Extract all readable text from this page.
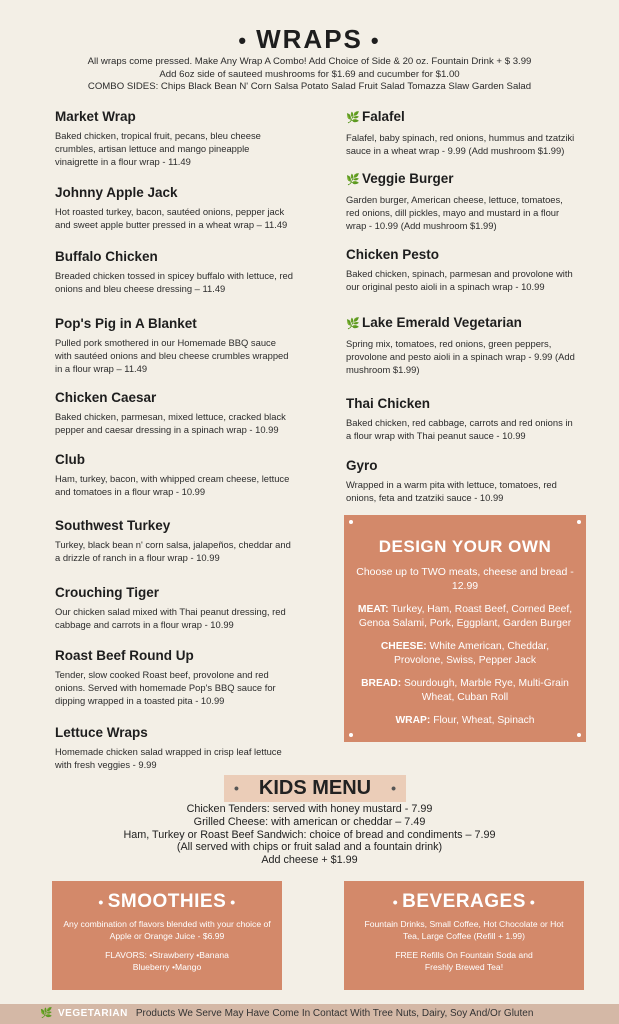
• WRAPS •
All wraps come pressed. Make Any Wrap A Combo! Add Choice of Side & 20 oz. Fountain Drink + $ 3.99
Add 6oz side of sauteed mushrooms for $1.69 and cucumber for $1.00
COMBO SIDES: Chips Black Bean N' Corn Salsa Potato Salad Fruit Salad Tomazza Slaw Garden Salad
Market Wrap
Baked chicken, tropical fruit, pecans, bleu cheese crumbles, artisan lettuce and mango pineapple vinaigrette in a flour wrap - 11.49
Johnny Apple Jack
Hot roasted turkey, bacon, sautéed onions, pepper jack and sweet apple butter pressed in a wheat wrap – 11.49
Buffalo Chicken
Breaded chicken tossed in spicey buffalo with lettuce, red onions and bleu cheese dressing – 11.49
Pop's Pig in A Blanket
Pulled pork smothered in our Homemade BBQ sauce with sautéed onions and bleu cheese crumbles wrapped in a flour wrap – 11.49
Chicken Caesar
Baked chicken, parmesan, mixed lettuce, cracked black pepper and caesar dressing in a spinach wrap - 10.99
Club
Ham, turkey, bacon, with whipped cream cheese, lettuce and tomatoes in a flour wrap - 10.99
Southwest Turkey
Turkey, black bean n' corn salsa, jalapeños, cheddar and a drizzle of ranch in a flour wrap - 10.99
Crouching Tiger
Our chicken salad mixed with Thai peanut dressing, red cabbage and carrots in a flour wrap - 10.99
Roast Beef Round Up
Tender, slow cooked Roast beef, provolone and red onions. Served with homemade Pop's BBQ sauce for dipping wrapped in a toasted pita - 10.99
Lettuce Wraps
Homemade chicken salad wrapped in crisp leaf lettuce with fresh veggies - 9.99
🌿 Falafel
Falafel, baby spinach, red onions, hummus and tzatziki sauce in a wheat wrap - 9.99 (Add mushroom $1.99)
🌿 Veggie Burger
Garden burger, American cheese, lettuce, tomatoes, red onions, dill pickles, mayo and mustard in a flour wrap - 10.99 (Add mushroom $1.99)
Chicken Pesto
Baked chicken, spinach, parmesan and provolone with our original pesto aioli in a spinach wrap - 10.99
🌿 Lake Emerald Vegetarian
Spring mix, tomatoes, red onions, green peppers, provolone and pesto aioli in a spinach wrap - 9.99 (Add mushroom $1.99)
Thai Chicken
Baked chicken, red cabbage, carrots and red onions in a flour wrap with Thai peanut sauce - 10.99
Gyro
Wrapped in a warm pita with lettuce, tomatoes, red onions, feta and tzatziki sauce - 10.99
DESIGN YOUR OWN
Choose up to TWO meats, cheese and bread - 12.99
MEAT: Turkey, Ham, Roast Beef, Corned Beef, Genoa Salami, Pork, Eggplant, Garden Burger
CHEESE: White American, Cheddar, Provolone, Swiss, Pepper Jack
BREAD: Sourdough, Marble Rye, Multi-Grain Wheat, Cuban Roll
WRAP: Flour, Wheat, Spinach
• KIDS MENU •
Chicken Tenders: served with honey mustard - 7.99
Grilled Cheese: with american or cheddar – 7.49
Ham, Turkey or Roast Beef Sandwich: choice of bread and condiments – 7.99
(All served with chips or fruit salad and a fountain drink)
Add cheese + $1.99
• SMOOTHIES •
Any combination of flavors blended with your choice of Apple or Orange Juice - $6.99
FLAVORS: •Strawberry •Banana
Blueberry •Mango
• BEVERAGES •
Fountain Drinks, Small Coffee, Hot Chocolate or Hot Tea, Large Coffee (Refill + 1.99)
FREE Refills On Fountain Soda and Freshly Brewed Tea!
🌿 VEGETARIAN Products We Serve May Have Come In Contact With Tree Nuts, Dairy, Soy And/Or Gluten
